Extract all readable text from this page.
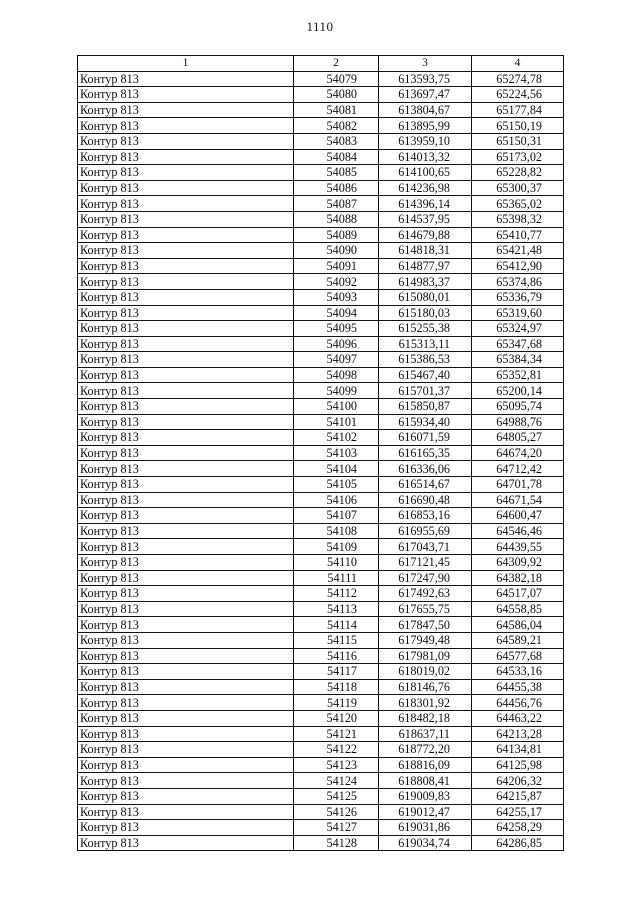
1110
1	2	3	4
Контур 813	54079	613593,75	65274,78
Контур 813	54080	613697,47	65224,56
Контур 813	54081	613804,67	65177,84
Контур 813	54082	613895,99	65150,19
Контур 813	54083	613959,10	65150,31
Контур 813	54084	614013,32	65173,02
Контур 813	54085	614100,65	65228,82
Контур 813	54086	614236,98	65300,37
Контур 813	54087	614396,14	65365,02
Контур 813	54088	614537,95	65398,32
Контур 813	54089	614679,88	65410,77
Контур 813	54090	614818,31	65421,48
Контур 813	54091	614877,97	65412,90
Контур 813	54092	614983,37	65374,86
Контур 813	54093	615080,01	65336,79
Контур 813	54094	615180,03	65319,60
Контур 813	54095	615255,38	65324,97
Контур 813	54096	615313,11	65347,68
Контур 813	54097	615386,53	65384,34
Контур 813	54098	615467,40	65352,81
Контур 813	54099	615701,37	65200,14
Контур 813	54100	615850,87	65095,74
Контур 813	54101	615934,40	64988,76
Контур 813	54102	616071,59	64805,27
Контур 813	54103	616165,35	64674,20
Контур 813	54104	616336,06	64712,42
Контур 813	54105	616514,67	64701,78
Контур 813	54106	616690,48	64671,54
Контур 813	54107	616853,16	64600,47
Контур 813	54108	616955,69	64546,46
Контур 813	54109	617043,71	64439,55
Контур 813	54110	617121,45	64309,92
Контур 813	54111	617247,90	64382,18
Контур 813	54112	617492,63	64517,07
Контур 813	54113	617655,75	64558,85
Контур 813	54114	617847,50	64586,04
Контур 813	54115	617949,48	64589,21
Контур 813	54116	617981,09	64577,68
Контур 813	54117	618019,02	64533,16
Контур 813	54118	618146,76	64455,38
Контур 813	54119	618301,92	64456,76
Контур 813	54120	618482,18	64463,22
Контур 813	54121	618637,11	64213,28
Контур 813	54122	618772,20	64134,81
Контур 813	54123	618816,09	64125,98
Контур 813	54124	618808,41	64206,32
Контур 813	54125	619009,83	64215,87
Контур 813	54126	619012,47	64255,17
Контур 813	54127	619031,86	64258,29
Контур 813	54128	619034,74	64286,85
